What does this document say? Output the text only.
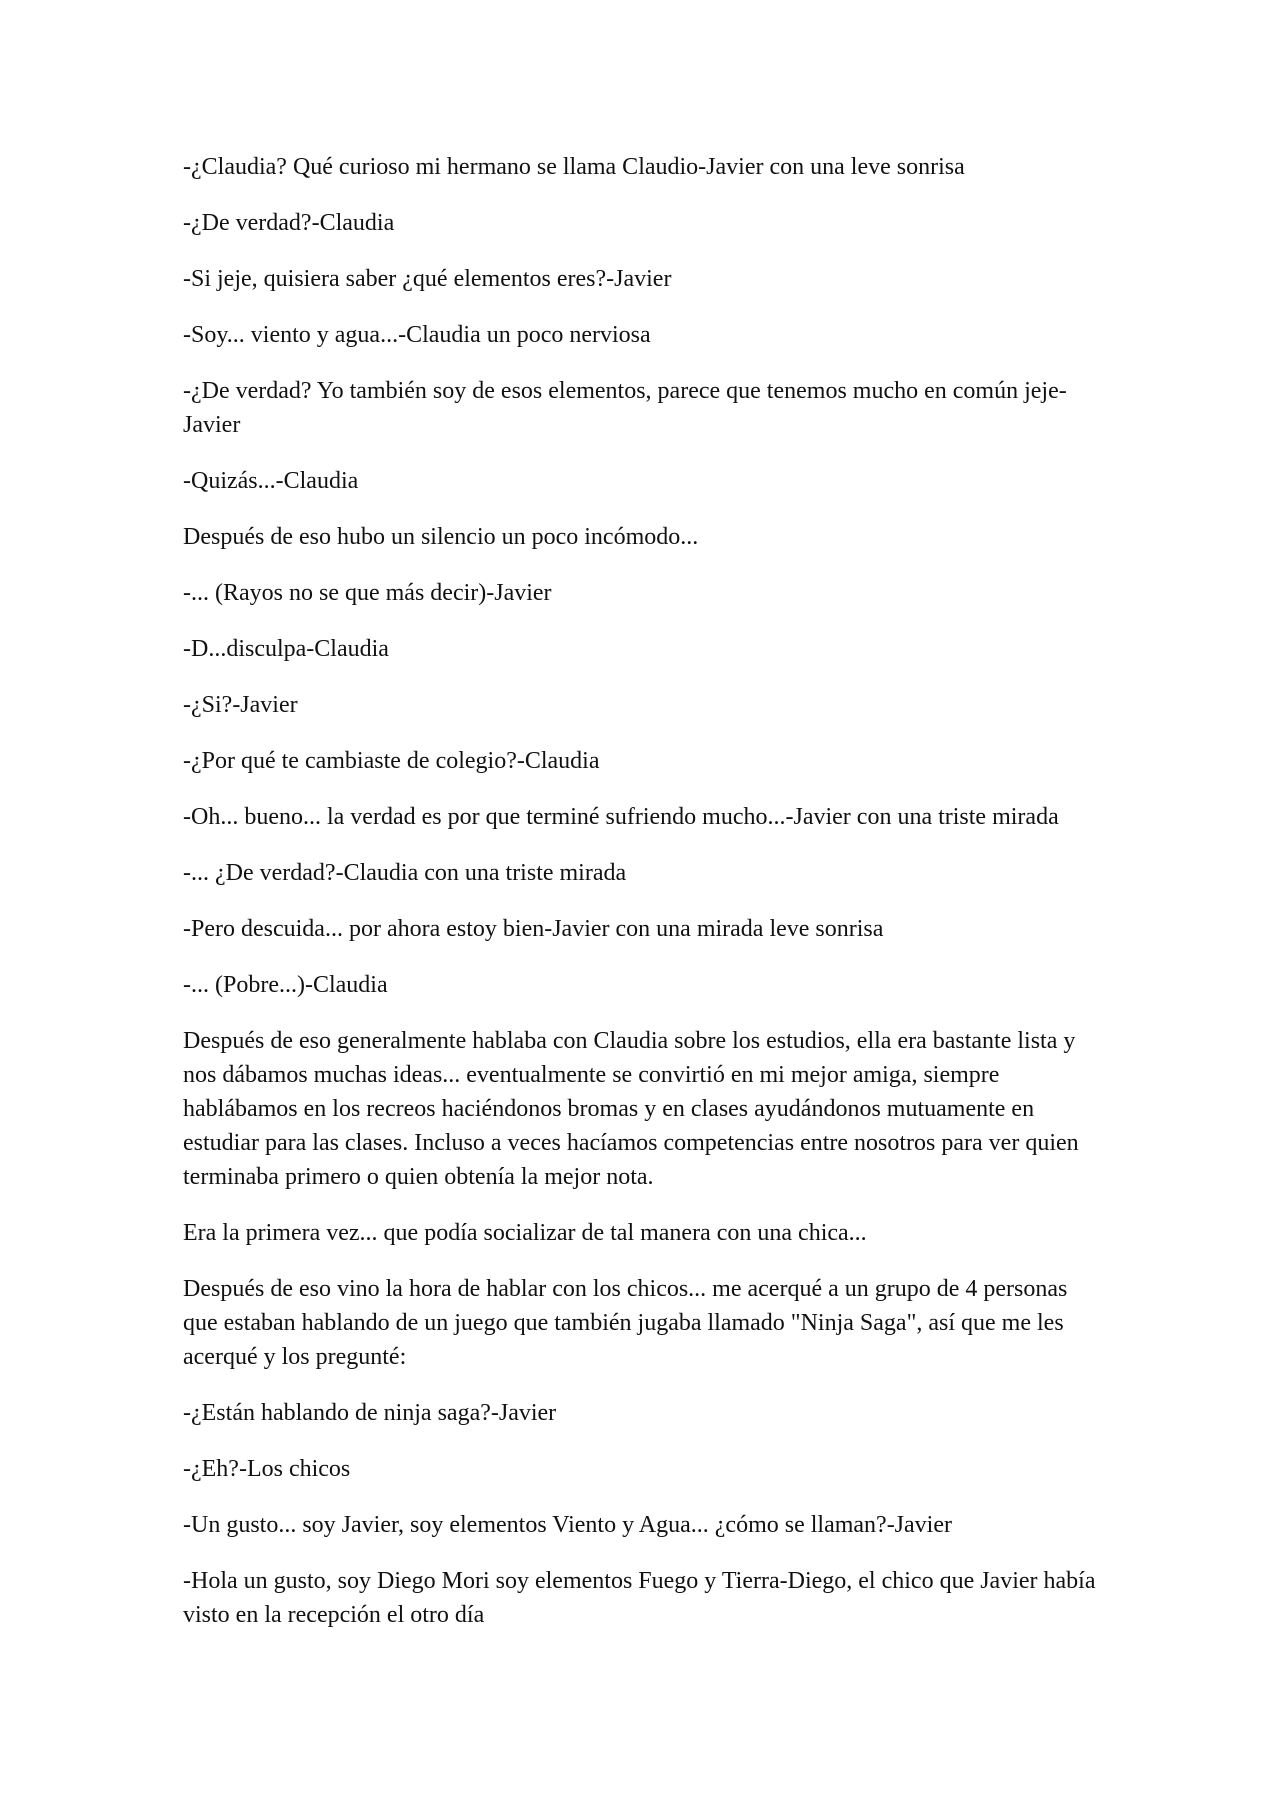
-¿Claudia? Qué curioso mi hermano se llama Claudio-Javier con una leve sonrisa

-¿De verdad?-Claudia

-Si jeje, quisiera saber ¿qué elementos eres?-Javier

-Soy... viento y agua...-Claudia un poco nerviosa

-¿De verdad? Yo también soy de esos elementos, parece que tenemos mucho en común jeje-Javier

-Quizás...-Claudia

Después de eso hubo un silencio un poco incómodo...

-... (Rayos no se que más decir)-Javier

-D...disculpa-Claudia

-¿Si?-Javier

-¿Por qué te cambiaste de colegio?-Claudia

-Oh... bueno... la verdad es por que terminé sufriendo mucho...-Javier con una triste mirada

-... ¿De verdad?-Claudia con una triste mirada

-Pero descuida... por ahora estoy bien-Javier con una mirada leve sonrisa

-... (Pobre...)-Claudia

Después de eso generalmente hablaba con Claudia sobre los estudios, ella era bastante lista y nos dábamos muchas ideas... eventualmente se convirtió en mi mejor amiga, siempre hablábamos en los recreos haciéndonos bromas y en clases ayudándonos mutuamente en estudiar para las clases. Incluso a veces hacíamos competencias entre nosotros para ver quien terminaba primero o quien obtenía la mejor nota.

Era la primera vez... que podía socializar de tal manera con una chica...

Después de eso vino la hora de hablar con los chicos... me acerqué a un grupo de 4 personas que estaban hablando de un juego que también jugaba llamado "Ninja Saga", así que me les acerqué y los pregunté:

-¿Están hablando de ninja saga?-Javier

-¿Eh?-Los chicos

-Un gusto... soy Javier, soy elementos Viento y Agua... ¿cómo se llaman?-Javier

-Hola un gusto, soy Diego Mori soy elementos Fuego y Tierra-Diego, el chico que Javier había visto en la recepción el otro día
